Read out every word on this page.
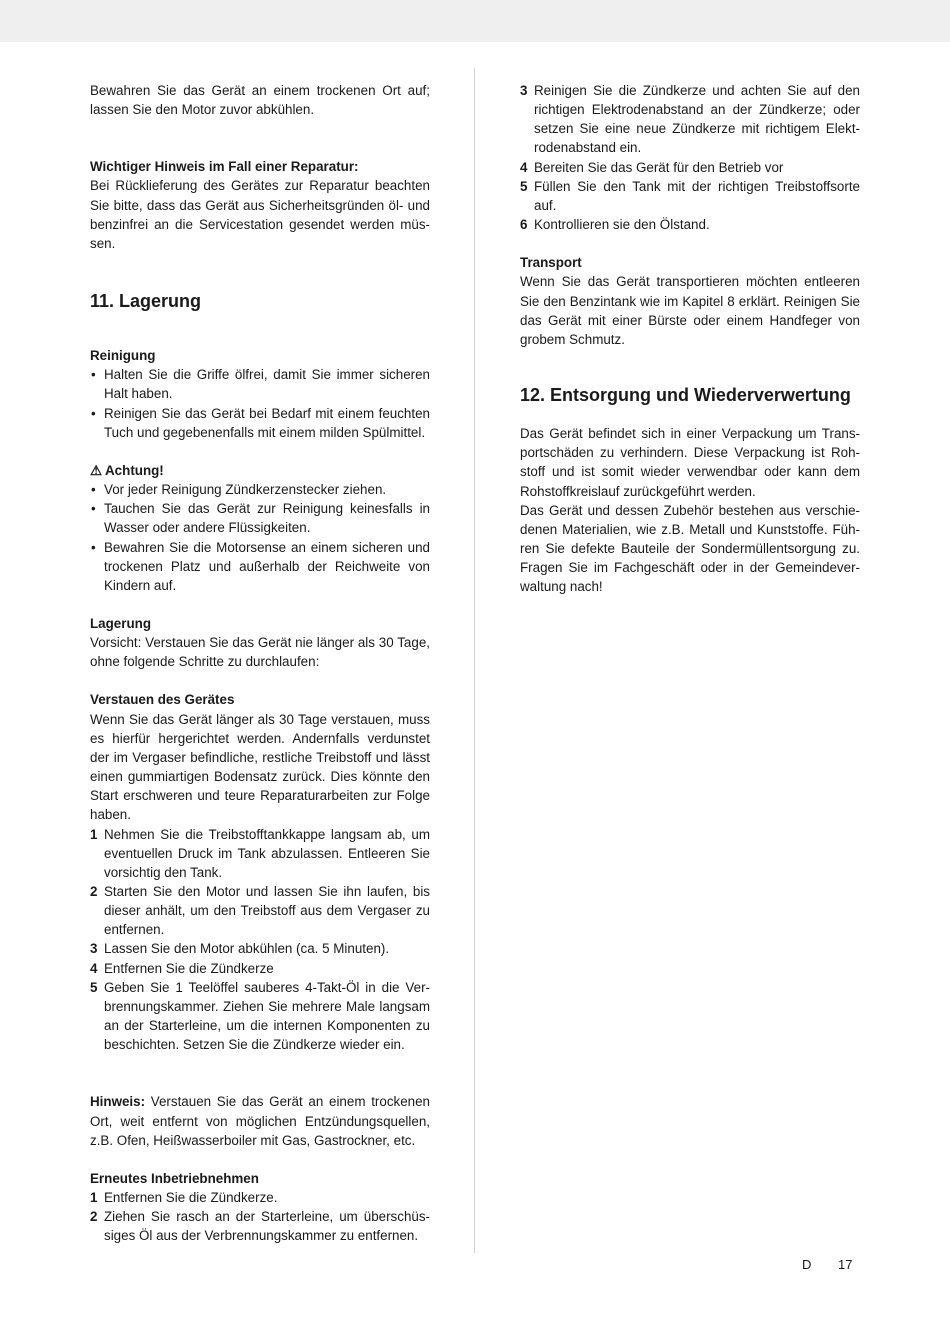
Bewahren Sie das Gerät an einem trockenen Ort auf; lassen Sie den Motor zuvor abkühlen.

Wichtiger Hinweis im Fall einer Reparatur:

Bei Rücklieferung des Gerätes zur Reparatur beachten Sie bitte, dass das Gerät aus Sicherheitsgründen öl- und benzinfrei an die Servicestation gesendet werden müs-sen.

11. Lagerung

Reinigung

• Halten Sie die Griffe ölfrei, damit Sie immer sicheren Halt haben.
• Reinigen Sie das Gerät bei Bedarf mit einem feuchten Tuch und gegebenenfalls mit einem milden Spülmittel.

⚠ Achtung!

• Vor jeder Reinigung Zündkerzenstecker ziehen.
• Tauchen Sie das Gerät zur Reinigung keinesfalls in Wasser oder andere Flüssigkeiten.
• Bewahren Sie die Motorsense an einem sicheren und trockenen Platz und außerhalb der Reichweite von Kindern auf.

Lagerung

Vorsicht: Verstauen Sie das Gerät nie länger als 30 Tage, ohne folgende Schritte zu durchlaufen:

Verstauen des Gerätes

Wenn Sie das Gerät länger als 30 Tage verstauen, muss es hierfür hergerichtet werden. Andernfalls verdunstet der im Vergaser befindliche, restliche Treibstoff und lässt einen gummiartigen Bodensatz zurück. Dies könnte den Start erschweren und teure Reparaturarbeiten zur Folge haben.

1 Nehmen Sie die Treibstofftankkappe langsam ab, um eventuellen Druck im Tank abzulassen. Entleeren Sie vorsichtig den Tank.
2 Starten Sie den Motor und lassen Sie ihn laufen, bis dieser anhält, um den Treibstoff aus dem Vergaser zu entfernen.
3 Lassen Sie den Motor abkühlen (ca. 5 Minuten).
4 Entfernen Sie die Zündkerze
5 Geben Sie 1 Teelöffel sauberes 4-Takt-Öl in die Ver-brennungskammer. Ziehen Sie mehrere Male langsam an der Starterleine, um die internen Komponenten zu beschichten. Setzen Sie die Zündkerze wieder ein.

Hinweis: Verstauen Sie das Gerät an einem trockenen Ort, weit entfernt von möglichen Entzündungsquellen, z.B. Ofen, Heißwasserboiler mit Gas, Gastrockner, etc.

Erneutes Inbetriebnehmen

1 Entfernen Sie die Zündkerze.
2 Ziehen Sie rasch an der Starterleine, um überschüs-siges Öl aus der Verbrennungskammer zu entfernen.
3 Reinigen Sie die Zündkerze und achten Sie auf den richtigen Elektrodenabstand an der Zündkerze; oder setzen Sie eine neue Zündkerze mit richtigem Elekt-rodenabstand ein.
4 Bereiten Sie das Gerät für den Betrieb vor
5 Füllen Sie den Tank mit der richtigen Treibstoffsorte auf.
6 Kontrollieren sie den Ölstand.

Transport

Wenn Sie das Gerät transportieren möchten entleeren Sie den Benzintank wie im Kapitel 8 erklärt. Reinigen Sie das Gerät mit einer Bürste oder einem Handfeger von grobem Schmutz.

12. Entsorgung und Wiederverwertung

Das Gerät befindet sich in einer Verpackung um Trans-portschäden zu verhindern. Diese Verpackung ist Roh-stoff und ist somit wieder verwendbar oder kann dem Rohstoffkreislauf zurückgeführt werden.

Das Gerät und dessen Zubehör bestehen aus verschie-denen Materialien, wie z.B. Metall und Kunststoffe. Füh-ren Sie defekte Bauteile der Sondermüllentsorgung zu. Fragen Sie im Fachgeschäft oder in der Gemeindever-waltung nach!

D 17
